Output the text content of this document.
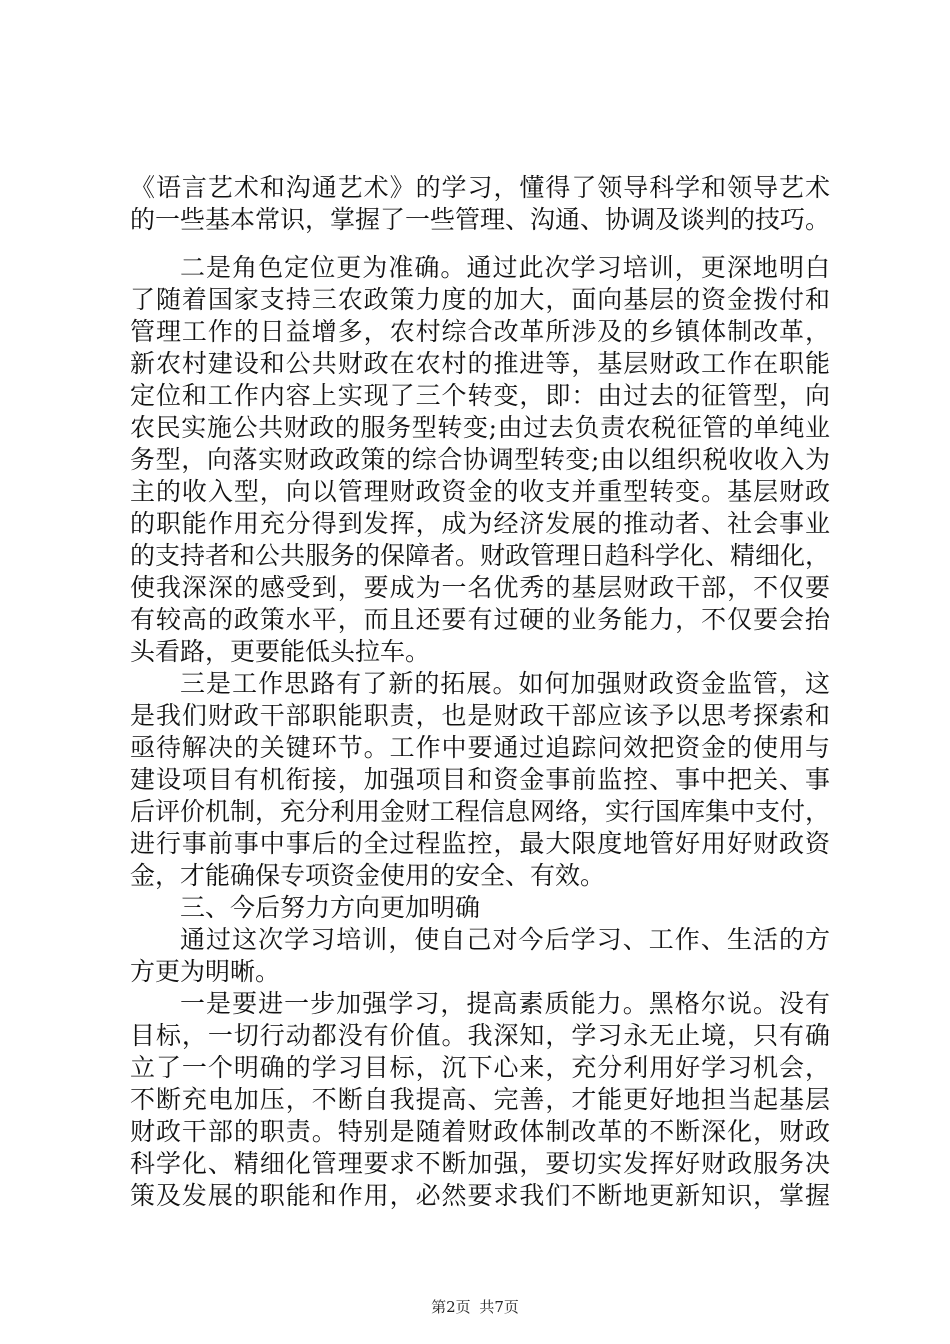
《语言艺术和沟通艺术》的学习，懂得了领导科学和领导艺术
的一些基本常识，掌握了一些管理、沟通、协调及谈判的技巧。
二是角色定位更为准确。通过此次学习培训，更深地明白
了随着国家支持三农政策力度的加大，面向基层的资金拨付和
管理工作的日益增多，农村综合改革所涉及的乡镇体制改革，
新农村建设和公共财政在农村的推进等，基层财政工作在职能
定位和工作内容上实现了三个转变，即：由过去的征管型，向
农民实施公共财政的服务型转变;由过去负责农税征管的单纯业
务型，向落实财政政策的综合协调型转变;由以组织税收收入为
主的收入型，向以管理财政资金的收支并重型转变。基层财政
的职能作用充分得到发挥，成为经济发展的推动者、社会事业
的支持者和公共服务的保障者。财政管理日趋科学化、精细化，
使我深深的感受到，要成为一名优秀的基层财政干部，不仅要
有较高的政策水平，而且还要有过硬的业务能力，不仅要会抬
头看路，更要能低头拉车。
三是工作思路有了新的拓展。如何加强财政资金监管，这
是我们财政干部职能职责，也是财政干部应该予以思考探索和
亟待解决的关键环节。工作中要通过追踪问效把资金的使用与
建设项目有机衔接，加强项目和资金事前监控、事中把关、事
后评价机制，充分利用金财工程信息网络，实行国库集中支付，
进行事前事中事后的全过程监控，最大限度地管好用好财政资
金，才能确保专项资金使用的安全、有效。
三、今后努力方向更加明确
通过这次学习培训，使自己对今后学习、工作、生活的方
方更为明晰。
一是要进一步加强学习，提高素质能力。黑格尔说。没有
目标，一切行动都没有价值。我深知，学习永无止境，只有确
立了一个明确的学习目标，沉下心来，充分利用好学习机会，
不断充电加压，不断自我提高、完善，才能更好地担当起基层
财政干部的职责。特别是随着财政体制改革的不断深化，财政
科学化、精细化管理要求不断加强，要切实发挥好财政服务决
策及发展的职能和作用，必然要求我们不断地更新知识，掌握
第2页 共7页
